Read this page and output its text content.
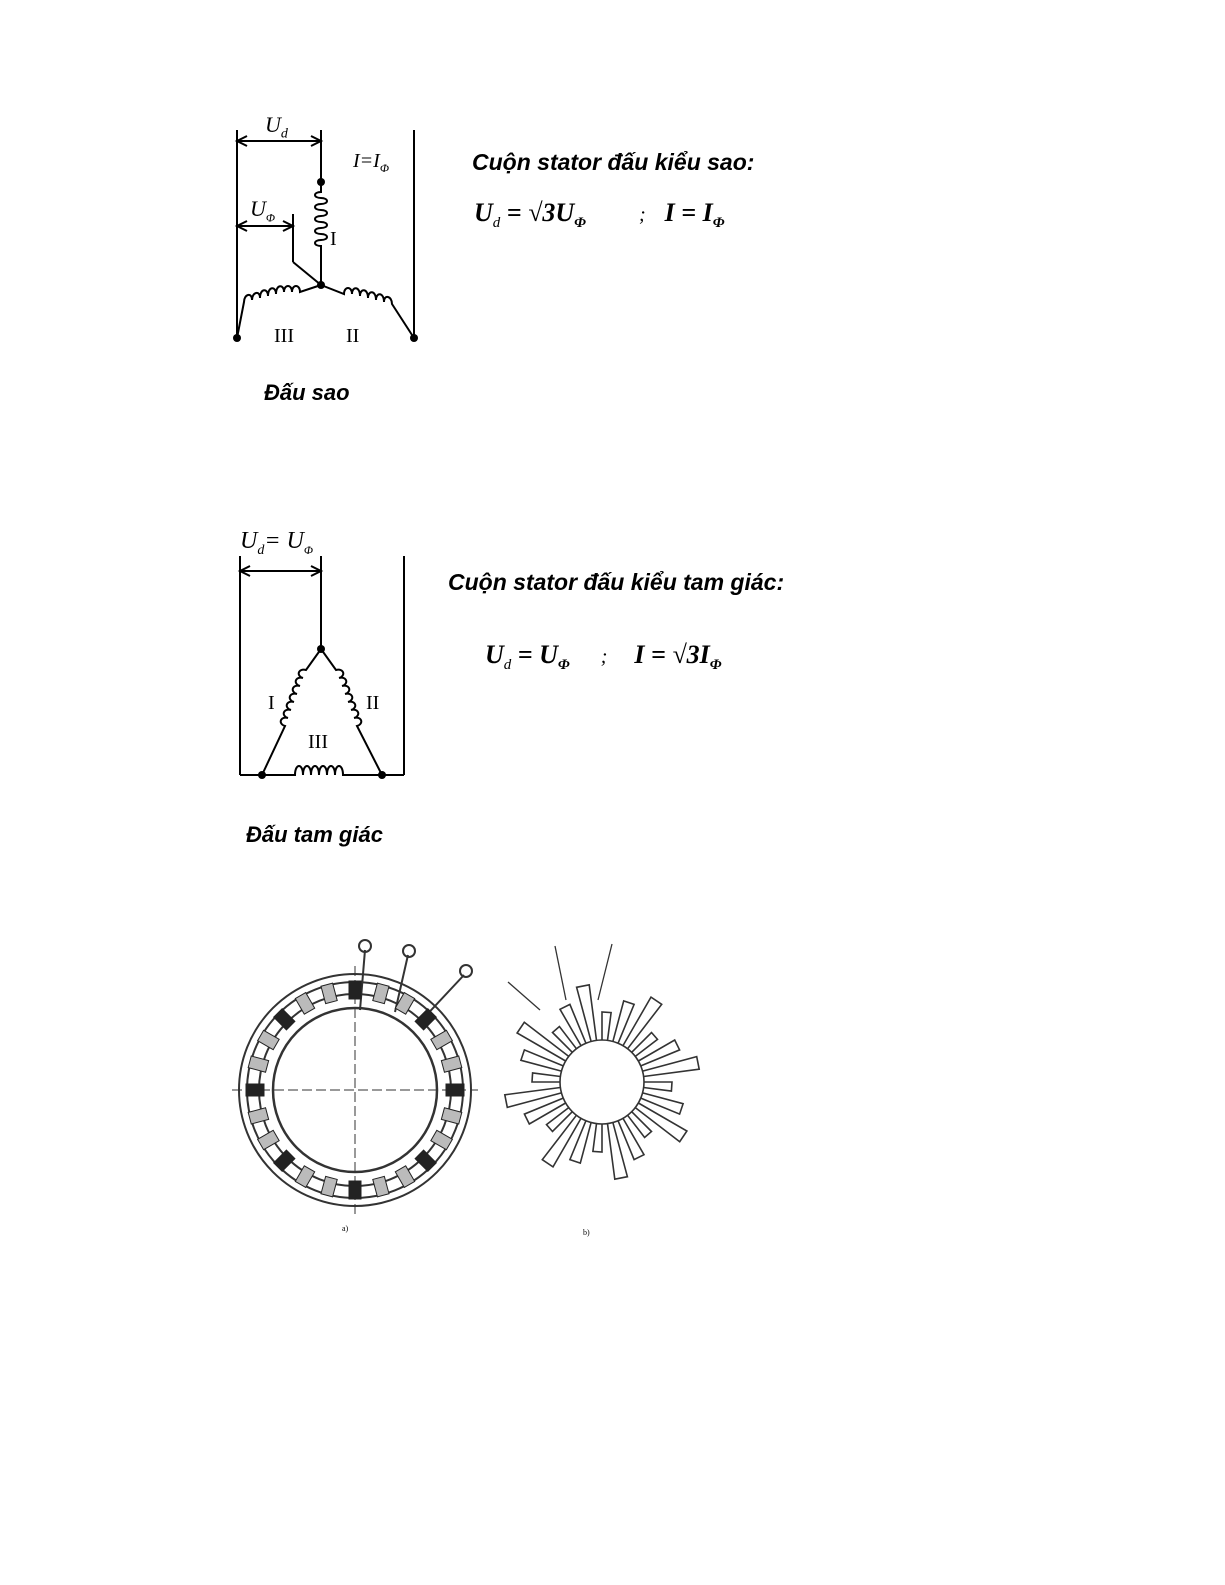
$U_d$
$U_\Phi$
$I=I_\Phi$
I
II
III
Đấu sao
Cuộn stator đấu kiểu sao:
$U_d = √3U_\Phi$	; $I = I_\Phi$
$U_d= U_\Phi$
I	II
III
Đấu tam giác
Cuộn stator đấu kiểu tam giác:
$U_d = U_\Phi$ ; $I = √3I_\Phi$
a)	b)
